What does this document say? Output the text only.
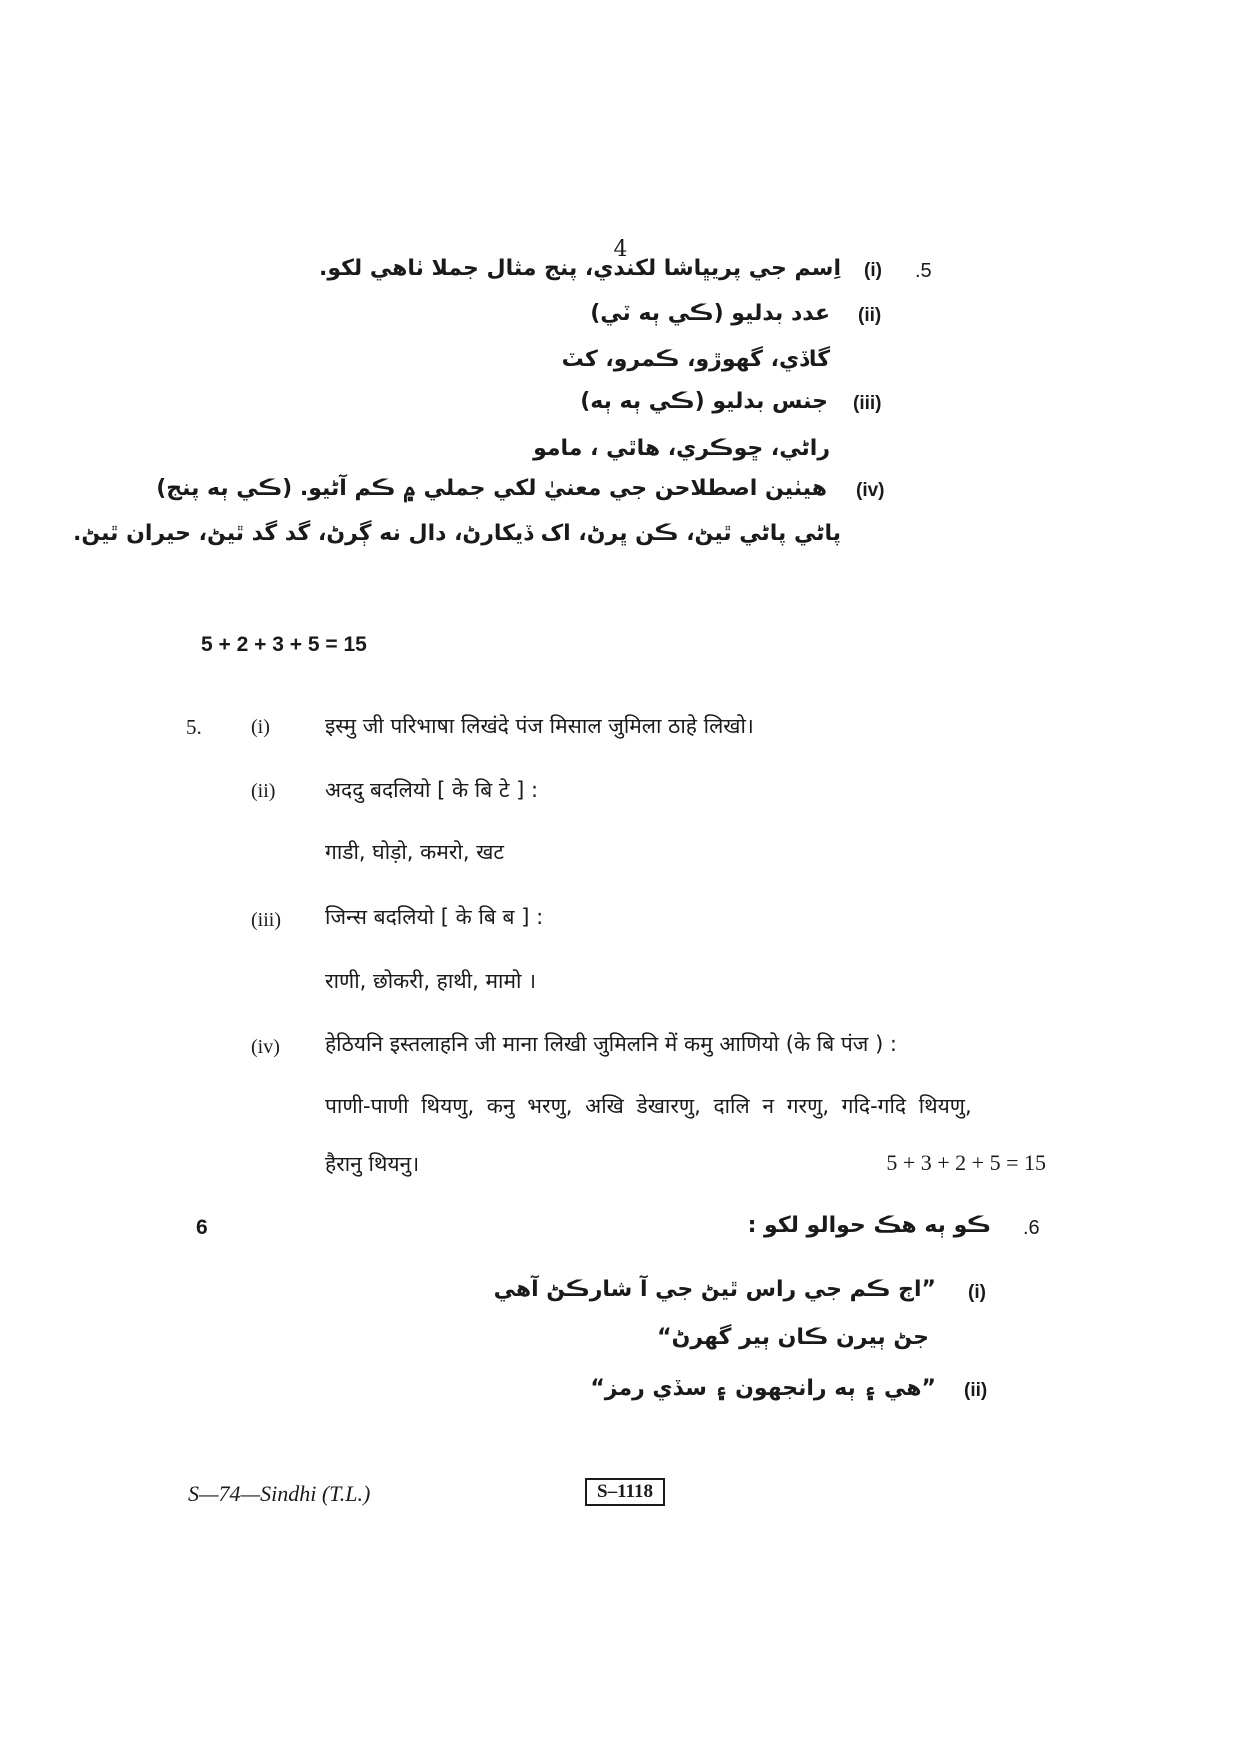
4
.5
(i)
اِسم جي پريڀاشا لکندي، پنج مثال جملا ٺاهي لکو.
(ii)
عدد بدليو (ڪي ٻه ٽي)
گاڏي، گهوڙو، ڪمرو، کٽ
(iii)
جنس بدليو (ڪي ٻه ٻه)
راڻي، ڇوڪري، هاٿي ، مامو
(iv)
هيٺين اصطلاحن جي معنيٰ لکي جملي ۾ ڪم آڻيو. (ڪي ٻه پنج)
پاڻي پاڻي ٿيڻ، ڪن ڀرڻ، اک ڏيکارڻ، دال نه ڳرڻ، گد گد ٿيڻ، حيران ٿيڻ.
5 + 2 + 3 + 5 = 15
5. (i)	इस्मु जी परिभाषा लिखंदे पंज मिसाल जुमिला ठाहे लिखो।
(ii) अददु बदलियो [ के बि टे ] :
गाडी, घोड़ो, कमरो, खट
(iii) जिन्स बदलियो [ के बि ब ] :
राणी, छोकरी, हाथी, मामो ।
(iv) हेठियनि इस्तलाहनि जी माना लिखी जुमिलनि में कमु आणियो (के बि पंज ) :
पाणी-पाणी थियणु, कनु भरणु, अखि डेखारणु, दालि न गरणु, गदि-गदि थियणु,
हैरानु थियनु।	5 + 3 + 2 + 5 = 15
6	.6
ڪو ٻه هڪ حوالو لکو :
(i)
”اڄ ڪم جي راس ٿيڻ جي آ شارڪڻ آهي
جڻ ٻيرن ڪان ٻير گهرڻ“
(ii)
”هي ۽ ٻه رانجهون ۽ سڏي رمز“
S—74—Sindhi (T.L.)	S–1118
